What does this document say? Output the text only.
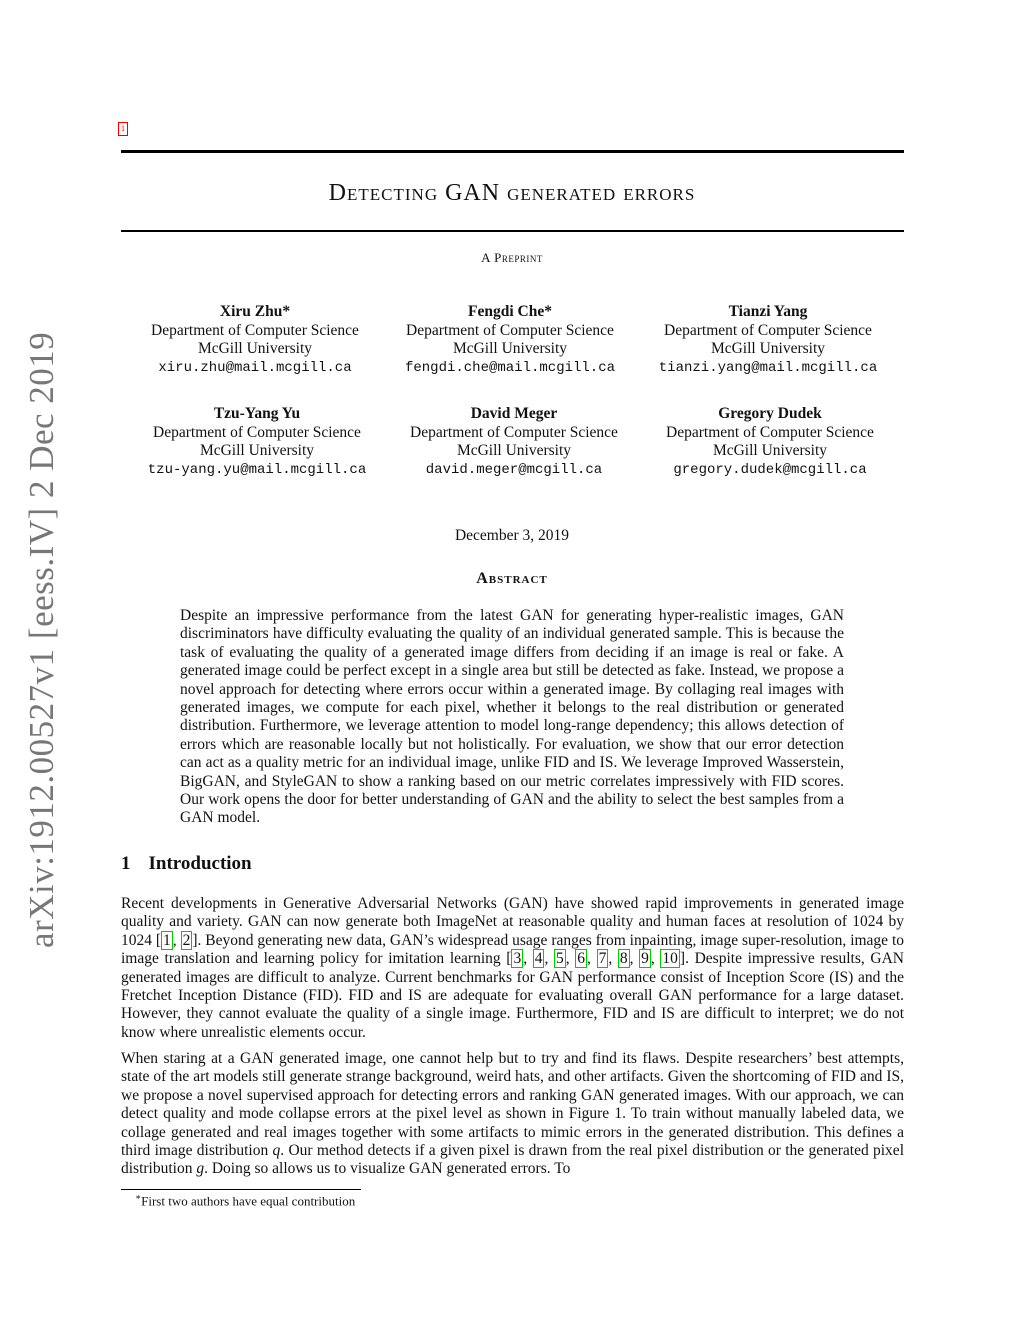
arXiv:1912.00527v1 [eess.IV] 2 Dec 2019
1
Detecting GAN generated errors
A Preprint
Xiru Zhu*
Department of Computer Science
McGill University
xiru.zhu@mail.mcgill.ca
Fengdi Che*
Department of Computer Science
McGill University
fengdi.che@mail.mcgill.ca
Tianzi Yang
Department of Computer Science
McGill University
tianzi.yang@mail.mcgill.ca
Tzu-Yang Yu
Department of Computer Science
McGill University
tzu-yang.yu@mail.mcgill.ca
David Meger
Department of Computer Science
McGill University
david.meger@mcgill.ca
Gregory Dudek
Department of Computer Science
McGill University
gregory.dudek@mcgill.ca
December 3, 2019
Abstract
Despite an impressive performance from the latest GAN for generating hyper-realistic images, GAN discriminators have difficulty evaluating the quality of an individual generated sample. This is because the task of evaluating the quality of a generated image differs from deciding if an image is real or fake. A generated image could be perfect except in a single area but still be detected as fake. Instead, we propose a novel approach for detecting where errors occur within a generated image. By collaging real images with generated images, we compute for each pixel, whether it belongs to the real distribution or generated distribution. Furthermore, we leverage attention to model long-range dependency; this allows detection of errors which are reasonable locally but not holistically. For evaluation, we show that our error detection can act as a quality metric for an individual image, unlike FID and IS. We leverage Improved Wasserstein, BigGAN, and StyleGAN to show a ranking based on our metric correlates impressively with FID scores. Our work opens the door for better understanding of GAN and the ability to select the best samples from a GAN model.
1 Introduction
Recent developments in Generative Adversarial Networks (GAN) have showed rapid improvements in generated image quality and variety. GAN can now generate both ImageNet at reasonable quality and human faces at resolution of 1024 by 1024 [ 1 , 2 ]. Beyond generating new data, GAN’s widespread usage ranges from inpainting, image super-resolution, image to image translation and learning policy for imitation learning [ 3 , 4 , 5 , 6 , 7 , 8 , 9 , 10 ]. Despite impressive results, GAN generated images are difficult to analyze. Current benchmarks for GAN performance consist of Inception Score (IS) and the Fretchet Inception Distance (FID). FID and IS are adequate for evaluating overall GAN performance for a large dataset. However, they cannot evaluate the quality of a single image. Furthermore, FID and IS are difficult to interpret; we do not know where unrealistic elements occur.
When staring at a GAN generated image, one cannot help but to try and find its flaws. Despite researchers’ best attempts, state of the art models still generate strange background, weird hats, and other artifacts. Given the shortcoming of FID and IS, we propose a novel supervised approach for detecting errors and ranking GAN generated images. With our approach, we can detect quality and mode collapse errors at the pixel level as shown in Figure 1. To train without manually labeled data, we collage generated and real images together with some artifacts to mimic errors in the generated distribution. This defines a third image distribution q. Our method detects if a given pixel is drawn from the real pixel distribution or the generated pixel distribution g. Doing so allows us to visualize GAN generated errors. To
∗First two authors have equal contribution
